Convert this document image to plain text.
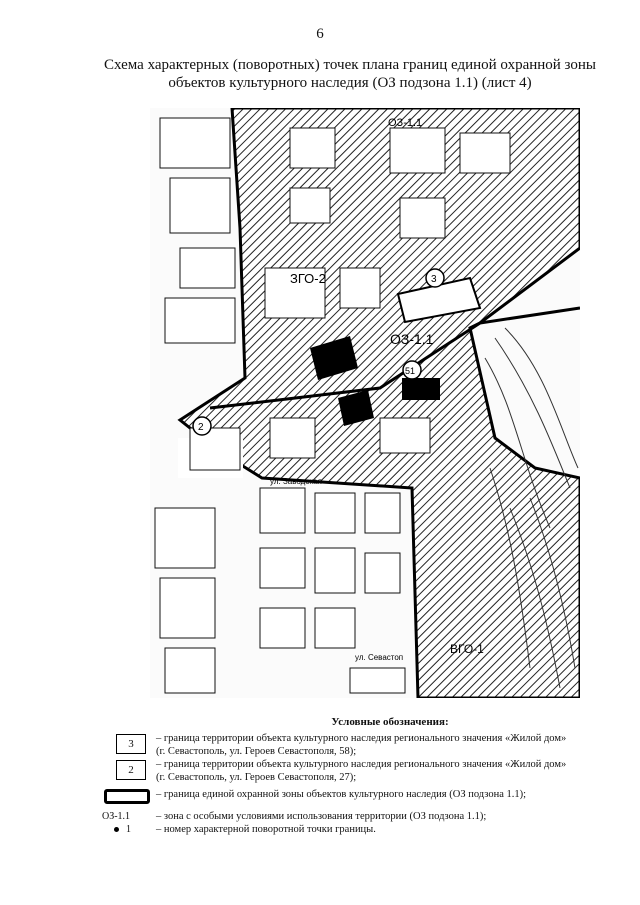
6
Схема характерных (поворотных) точек плана границ единой охранной зоны
объектов культурного наследия (ОЗ подзона 1.1) (лист 4)
3
2
51
ОЗ-1.1
ЗГО-2
ОЗ-1.1
ВГО-1
ул. Заводская
ул. Севастоп
Условные обозначения:
3	– граница территории объекта культурного наследия регионального значения «Жилой дом»
(г. Севастополь, ул. Героев Севастополя, 58);
2	– граница территории объекта культурного наследия регионального значения «Жилой дом»
(г. Севастополь, ул. Героев Севастополя, 27);
– граница единой охранной зоны объектов культурного наследия (ОЗ подзона 1.1);
ОЗ-1.1 – зона с особыми условиями использования территории (ОЗ подзона 1.1);
1 – номер характерной поворотной точки границы.
